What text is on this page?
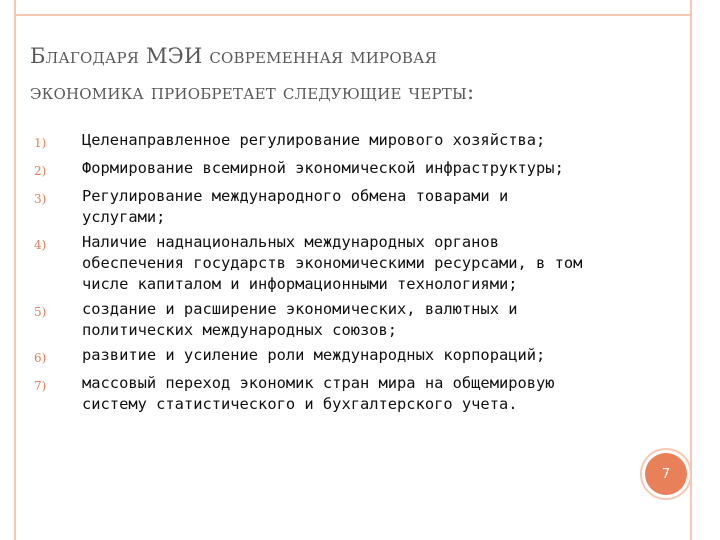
Благодаря МЭИ современная мировая
экономика приобретает следующие черты:
1)	Целенаправленное регулирование мирового хозяйства;
2)	Формирование всемирной экономической инфраструктуры;
3)	Регулирование международного обмена товарами и услугами;
4)	Наличие наднациональных международных органов обеспечения государств экономическими ресурсами, в том числе капиталом и информационными технологиями;
5)	создание и расширение экономических, валютных и политических международных союзов;
6)	развитие и усиление роли международных корпораций;
7)	массовый переход экономик стран мира на общемировую систему статистического и бухгалтерского учета.
7
